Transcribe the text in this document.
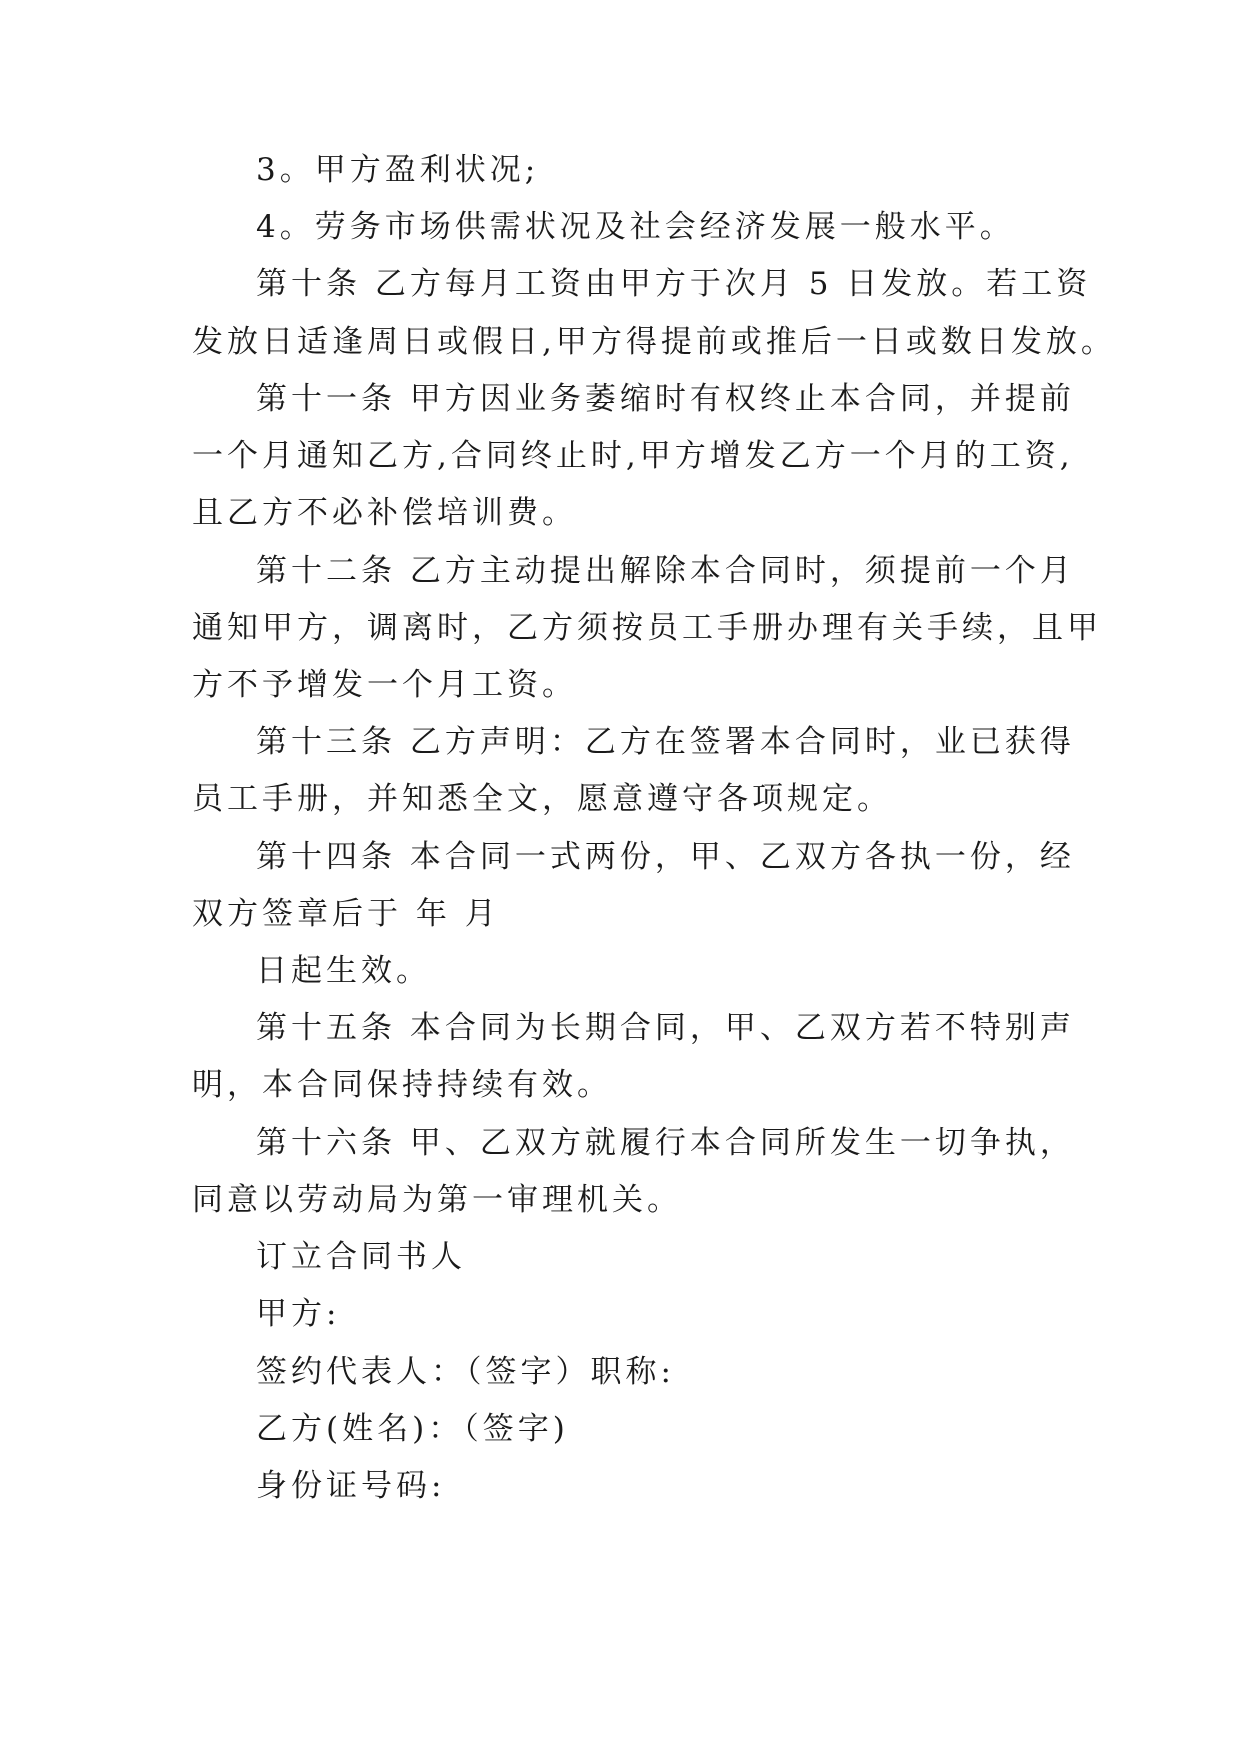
3。甲方盈利状况;
4。劳务市场供需状况及社会经济发展一般水平。
第十条 乙方每月工资由甲方于次月 5 日发放。若工资
发放日适逢周日或假日,甲方得提前或推后一日或数日发放。
第十一条 甲方因业务萎缩时有权终止本合同，并提前
一个月通知乙方,合同终止时,甲方增发乙方一个月的工资,
且乙方不必补偿培训费。
第十二条 乙方主动提出解除本合同时，须提前一个月
通知甲方，调离时，乙方须按员工手册办理有关手续，且甲
方不予增发一个月工资。
第十三条 乙方声明：乙方在签署本合同时，业已获得
员工手册，并知悉全文，愿意遵守各项规定。
第十四条 本合同一式两份，甲、乙双方各执一份，经
双方签章后于 年 月
日起生效。
第十五条 本合同为长期合同，甲、乙双方若不特别声
明，本合同保持持续有效。
第十六条 甲、乙双方就履行本合同所发生一切争执，
同意以劳动局为第一审理机关。
订立合同书人
甲方:
签约代表人：（签字）职称:
乙方(姓名)：（签字)
身份证号码:
